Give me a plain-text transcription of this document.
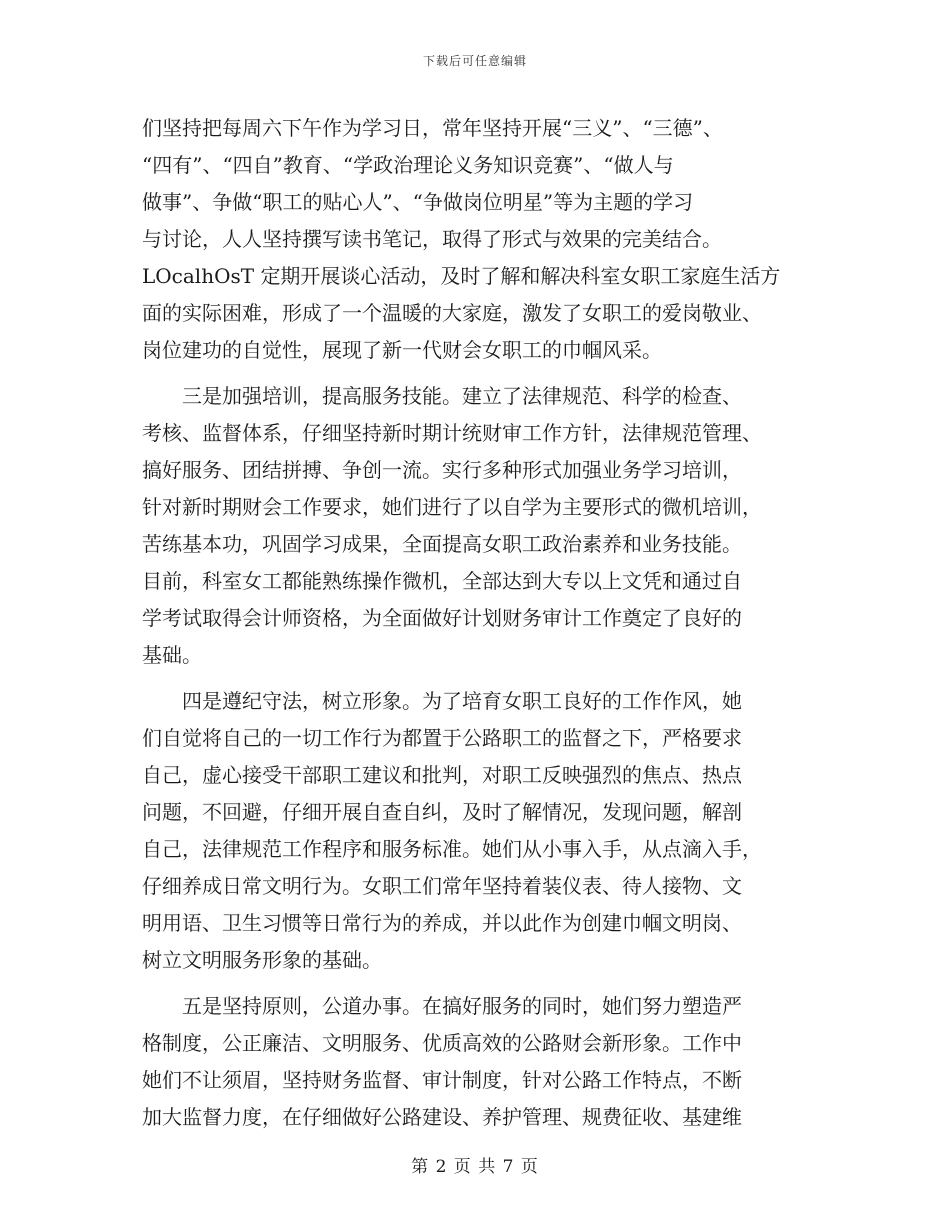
下载后可任意编辑
们坚持把每周六下午作为学习日，常年坚持开展“三义”、“三德”、
“四有”、“四自”教育、“学政治理论义务知识竞赛”、“做人与
做事”、争做“职工的贴心人”、“争做岗位明星”等为主题的学习
与讨论，人人坚持撰写读书笔记，取得了形式与效果的完美结合。
LOcalhOsT 定期开展谈心活动，及时了解和解决科室女职工家庭生活方
面的实际困难，形成了一个温暖的大家庭，激发了女职工的爱岗敬业、
岗位建功的自觉性，展现了新一代财会女职工的巾帼风采。
　　三是加强培训，提高服务技能。建立了法律规范、科学的检查、
考核、监督体系，仔细坚持新时期计统财审工作方针，法律规范管理、
搞好服务、团结拼搏、争创一流。实行多种形式加强业务学习培训，
针对新时期财会工作要求，她们进行了以自学为主要形式的微机培训，
苦练基本功，巩固学习成果，全面提高女职工政治素养和业务技能。
目前，科室女工都能熟练操作微机，全部达到大专以上文凭和通过自
学考试取得会计师资格，为全面做好计划财务审计工作奠定了良好的
基础。
　　四是遵纪守法，树立形象。为了培育女职工良好的工作作风，她
们自觉将自己的一切工作行为都置于公路职工的监督之下，严格要求
自己，虚心接受干部职工建议和批判，对职工反映强烈的焦点、热点
问题，不回避，仔细开展自查自纠，及时了解情况，发现问题，解剖
自己，法律规范工作程序和服务标准。她们从小事入手，从点滴入手，
仔细养成日常文明行为。女职工们常年坚持着装仪表、待人接物、文
明用语、卫生习惯等日常行为的养成，并以此作为创建巾帼文明岗、
树立文明服务形象的基础。
　　五是坚持原则，公道办事。在搞好服务的同时，她们努力塑造严
格制度，公正廉洁、文明服务、优质高效的公路财会新形象。工作中
她们不让须眉，坚持财务监督、审计制度，针对公路工作特点，不断
加大监督力度，在仔细做好公路建设、养护管理、规费征收、基建维
第 2 页 共 7 页
